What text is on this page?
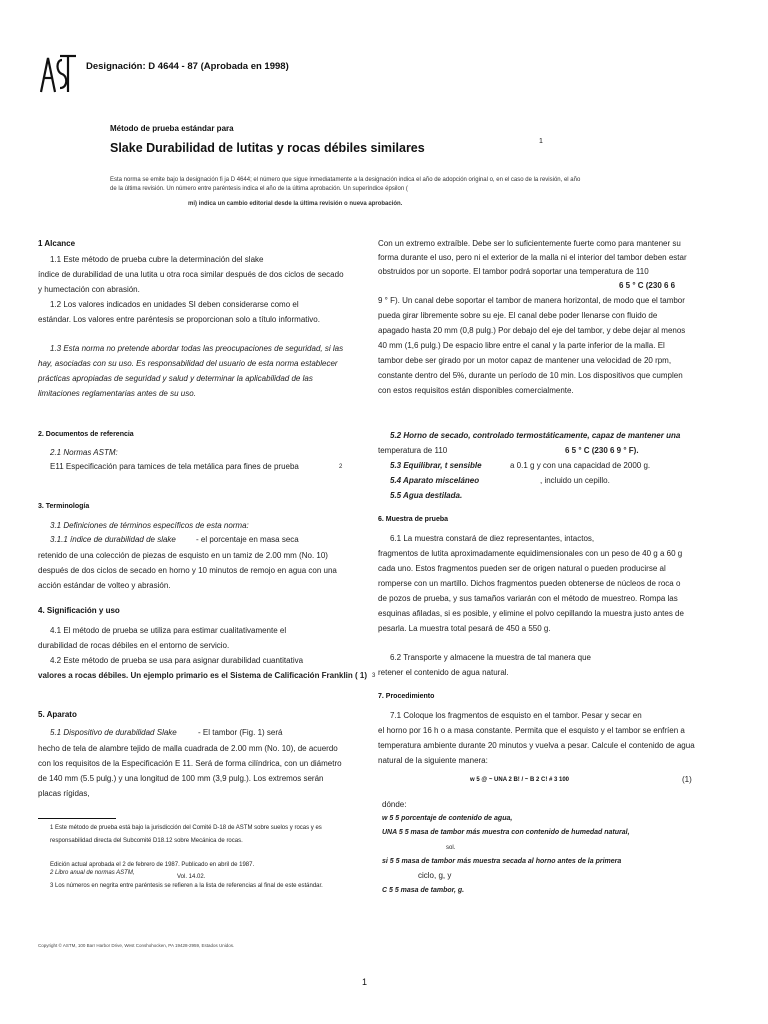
Designación: D 4644 - 87 (Aprobada en 1998)
Método de prueba estándar para
Slake Durabilidad de lutitas y rocas débiles similares	1
Esta norma se emite bajo la designación fi ja D 4644; el número que sigue inmediatamente a la designación indica el año de adopción original o, en el caso de la revisión, el año
de la última revisión. Un número entre paréntesis indica el año de la última aprobación. Un superíndice épsilon (
mi) indica un cambio editorial desde la última revisión o nueva aprobación.
1 Alcance
1.1 Este método de prueba cubre la determinación del slake
índice de durabilidad de una lutita u otra roca similar después de dos ciclos de secado
y humectación con abrasión.
1.2 Los valores indicados en unidades SI deben considerarse como el
estándar. Los valores entre paréntesis se proporcionan solo a título informativo.
1.3 Esta norma no pretende abordar todas las preocupaciones de seguridad, si las
hay, asociadas con su uso. Es responsabilidad del usuario de esta norma establecer
prácticas apropiadas de seguridad y salud y determinar la aplicabilidad de las
limitaciones reglamentarias antes de su uso.
2. Documentos de referencia
2.1 Normas ASTM:
E11 Especificación para tamices de tela metálica para fines de prueba	2
3. Terminología
3.1 Definiciones de términos específicos de esta norma:
3.1.1 índice de durabilidad de slake	- el porcentaje en masa seca
retenido de una colección de piezas de esquisto en un tamiz de 2.00 mm (No. 10)
después de dos ciclos de secado en horno y 10 minutos de remojo en agua con una
acción estándar de volteo y abrasión.
4. Significación y uso
4.1 El método de prueba se utiliza para estimar cualitativamente el
durabilidad de rocas débiles en el entorno de servicio.
4.2 Este método de prueba se usa para asignar durabilidad cuantitativa
valores a rocas débiles. Un ejemplo primario es el Sistema de Calificación Franklin ( 1) 3
5. Aparato
5.1 Dispositivo de durabilidad Slake	- El tambor (Fig. 1) será
hecho de tela de alambre tejido de malla cuadrada de 2.00 mm (No. 10), de acuerdo
con los requisitos de la Especificación E 11. Será de forma cilíndrica, con un diámetro
de 140 mm (5.5 pulg.) y una longitud de 100 mm (3,9 pulg.). Los extremos serán
placas rígidas,
1 Este método de prueba está bajo la jurisdicción del Comité D-18 de ASTM sobre suelos y rocas y es
responsabilidad directa del Subcomité D18.12 sobre Mecánica de rocas.
Edición actual aprobada el 2 de febrero de 1987. Publicado en abril de 1987.
2 Libro anual de normas ASTM,
Vol. 14.02.
3 Los números en negrita entre paréntesis se refieren a la lista de referencias al final de este estándar.
Copyright © ASTM, 100 Barr Harbor Drive, West Conshohocken, PA 19428-2959, Estados Unidos.
Con un extremo extraíble. Debe ser lo suficientemente fuerte como para mantener su
forma durante el uso, pero ni el exterior de la malla ni el interior del tambor deben estar
obstruidos por un soporte. El tambor podrá soportar una temperatura de 110
6 5 ° C (230 6 6
9 ° F). Un canal debe soportar el tambor de manera horizontal, de modo que el tambor
pueda girar libremente sobre su eje. El canal debe poder llenarse con fluido de
apagado hasta 20 mm (0,8 pulg.) Por debajo del eje del tambor, y debe dejar al menos
40 mm (1,6 pulg.) De espacio libre entre el canal y la parte inferior de la malla. El
tambor debe ser girado por un motor capaz de mantener una velocidad de 20 rpm,
constante dentro del 5%, durante un período de 10 min. Los dispositivos que cumplen
con estos requisitos están disponibles comercialmente.
5.2 Horno de secado, controlado termostáticamente, capaz de mantener una
temperatura de 110	6 5 ° C (230 6 9 ° F).
5.3 Equilibrar, t sensible	a 0.1 g y con una capacidad de 2000 g.
5.4 Aparato misceláneo	, incluido un cepillo.
5.5 Agua destilada.
6. Muestra de prueba
6.1 La muestra constará de diez representantes, intactos,
fragmentos de lutita aproximadamente equidimensionales con un peso de 40 g a 60 g
cada uno. Estos fragmentos pueden ser de origen natural o pueden producirse al
romperse con un martillo. Dichos fragmentos pueden obtenerse de núcleos de roca o
de pozos de prueba, y sus tamaños variarán con el método de muestreo. Rompa las
esquinas afiladas, si es posible, y elimine el polvo cepillando la muestra justo antes de
pesarla. La muestra total pesará de 450 a 550 g.
6.2 Transporte y almacene la muestra de tal manera que
retener el contenido de agua natural.
7. Procedimiento
7.1 Coloque los fragmentos de esquisto en el tambor. Pesar y secar en
el horno por 16 h o a masa constante. Permita que el esquisto y el tambor se enfríen a
temperatura ambiente durante 20 minutos y vuelva a pesar. Calcule el contenido de agua
natural de la siguiente manera:
w 5 @ ~ UNA 2 B! / ~ B 2 C! # 3 100	(1)
dónde:
w 5 5 porcentaje de contenido de agua,
UNA 5 5 masa de tambor más muestra con contenido de humedad natural,
sol.
si 5 5 masa de tambor más muestra secada al horno antes de la primera
ciclo, g, y
C 5 5 masa de tambor, g.
1
